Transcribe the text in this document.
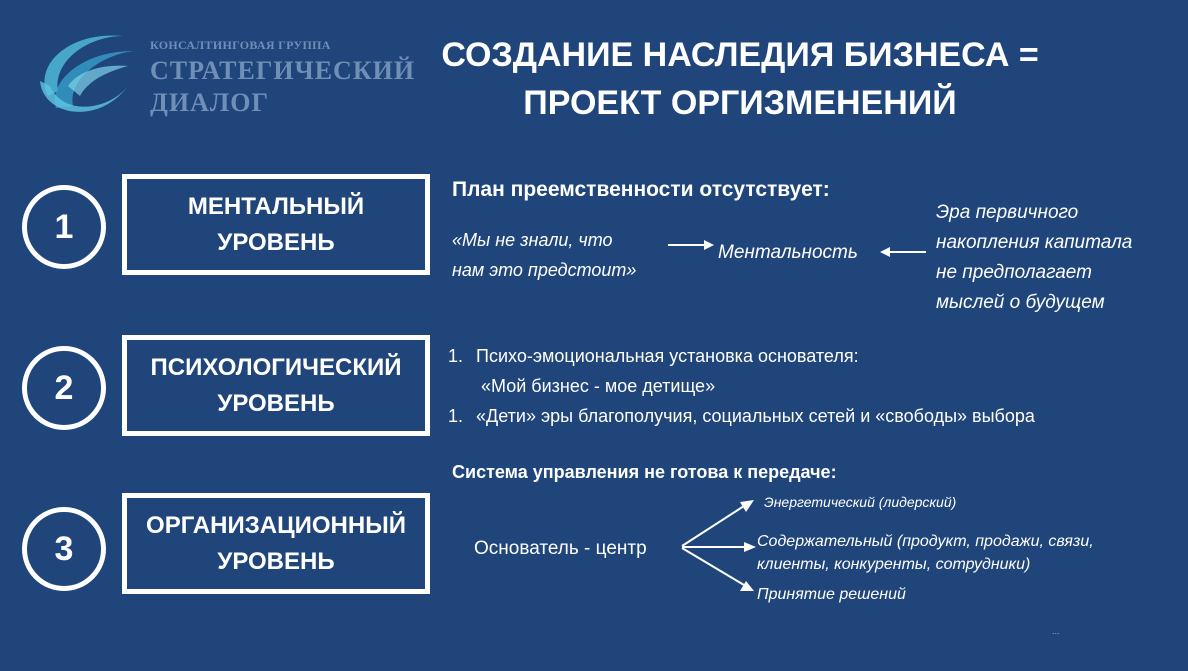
КОНСАЛТИНГОВАЯ ГРУППА
СТРАТЕГИЧЕСКИЙ
ДИАЛОГ
СОЗДАНИЕ НАСЛЕДИЯ БИЗНЕСА =
ПРОЕКТ ОРГИЗМЕНЕНИЙ
1
МЕНТАЛЬНЫЙ
УРОВЕНЬ
2
ПСИХОЛОГИЧЕСКИЙ
УРОВЕНЬ
3
ОРГАНИЗАЦИОННЫЙ
УРОВЕНЬ
План преемственности отсутствует:
«Мы не знали, что
нам это предстоит»
Ментальность
Эра первичного
накопления капитала
не предполагает
мыслей о будущем
1. Психо-эмоциональная установка основателя:
«Мой бизнес - мое детище»
1. «Дети» эры благополучия, социальных сетей и «свободы» выбора
Система управления не готова к передаче:
Основатель - центр
Энергетический (лидерский)
Содержательный (продукт, продажи, связи,
клиенты, конкуренты, сотрудники)
Принятие решений
...
